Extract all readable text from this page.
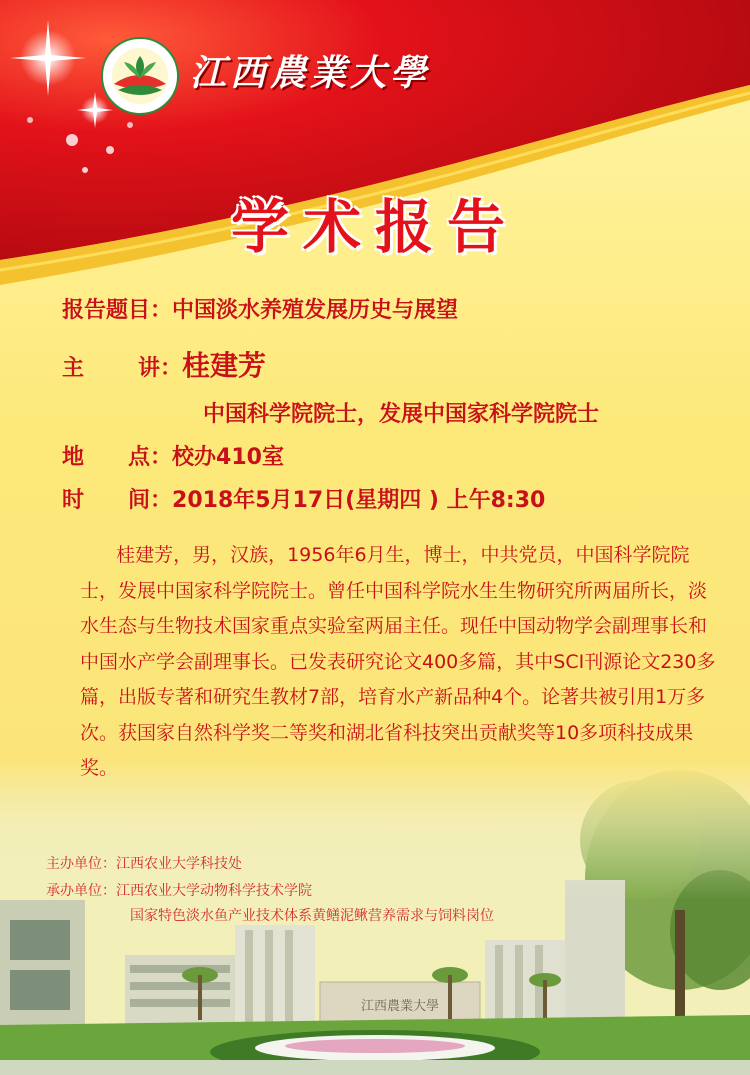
江西農業大學
江西農業大學
学术报告
报告题目：中国淡水养殖发展历史与展望
主 讲：桂建芳
中国科学院院士，发展中国家科学院院士
地 点：校办410室
时 间：2018年5月17日(星期四 ) 上午8:30
桂建芳，男，汉族，1956年6月生，博士，中共党员，中国科学院院士，发展中国家科学院院士。曾任中国科学院水生生物研究所两届所长，淡水生态与生物技术国家重点实验室两届主任。现任中国动物学会副理事长和中国水产学会副理事长。已发表研究论文400多篇，其中SCI刊源论文230多篇，出版专著和研究生教材7部，培育水产新品种4个。论著共被引用1万多次。获国家自然科学奖二等奖和湖北省科技突出贡献奖等10多项科技成果奖。
主办单位：江西农业大学科技处
承办单位：江西农业大学动物科学技术学院
国家特色淡水鱼产业技术体系黄鳝泥鳅营养需求与饲料岗位
